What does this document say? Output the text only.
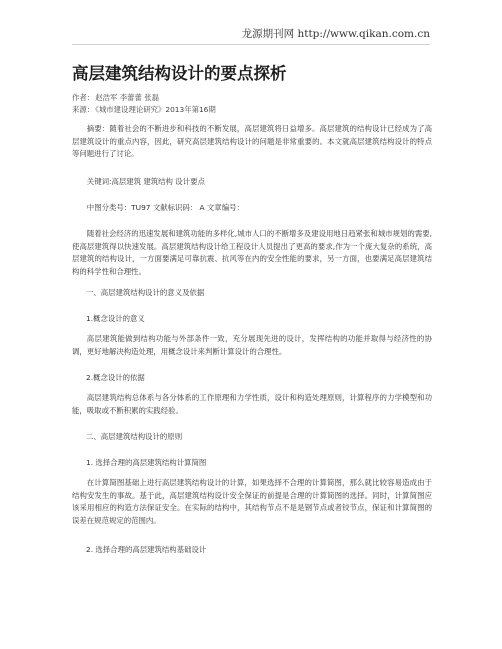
龙源期刊网 http://www.qikan.com.cn
高层建筑结构设计的要点探析
作者：赵浩军 李蕾蕾 张磊
来源：《城市建设理论研究》2013年第16期
摘要：随着社会的不断进步和科技的不断发展，高层建筑将日益增多。高层建筑的结构设计已经成为了高层建筑设计的重点内容，因此，研究高层建筑结构设计的问题是非常重要的。本文就高层建筑结构设计的特点等问题进行了讨论。
关键词:高层建筑 建筑结构 设计要点
中图分类号：TU97 文献标识码： A 文章编号：
随着社会经济的迅速发展和建筑功能的多样化,城市人口的不断增多及建设用地日趋紧张和城市规划的需要,使高层建筑得以快速发展。高层建筑结构设计给工程设计人员提出了更高的要求,作为一个庞大复杂的系统，高层建筑的结构设计，一方面要满足可靠抗震、抗风等在内的安全性能的要求，另一方面，也要满足高层建筑结构的科学性和合理性。
一、高层建筑结构设计的意义及依据
1.概念设计的意义
高层建筑能做到结构功能与外部条件一致，充分展现先进的设计，发挥结构的功能并取得与经济性的协调，更好地解决构造处理，用概念设计来判断计算设计的合理性。
2.概念设计的依据
高层建筑结构总体系与各分体系的工作原理和力学性质，设计和构造处理原则，计算程序的力学模型和功能，吸取或不断积累的实践经验。
二、高层建筑结构设计的原则
1. 选择合理的高层建筑结构计算简图
在计算简图基础上进行高层建筑结构设计的计算，如果选择不合理的计算简图，那么就比较容易造成由于结构安发生的事故。基于此，高层建筑结构设计安全保证的前提是合理的计算简图的选择。同时，计算简图应该采用相应的构造方法保证安全。在实际的结构中，其结构节点不是是钢节点或者铰节点，保证和计算简图的误差在规范规定的范围内。
2. 选择合理的高层建筑结构基础设计
